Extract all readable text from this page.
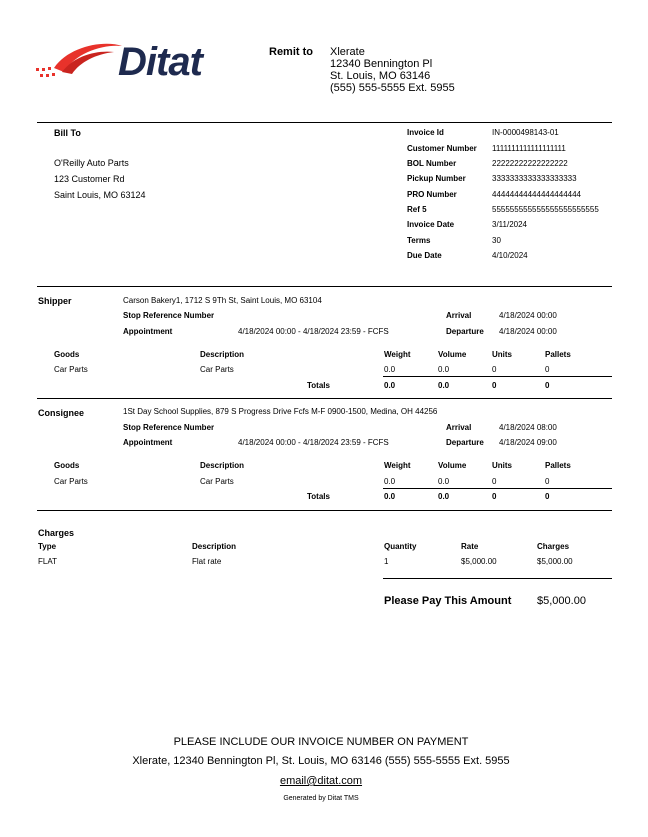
Ditat	Remit to Xlerate
12340 Bennington Pl
St. Louis, MO 63146
(555) 555-5555 Ext. 5955
Bill To
O'Reilly Auto Parts
123 Customer Rd
Saint Louis, MO 63124
Invoice Id	IN-0000498143-01
Customer Number 1111111111111111111
BOL Number	22222222222222222
Pickup Number	3333333333333333333
PRO Number	44444444444444444444
Ref 5	555555555555555555555555
Invoice Date	3/11/2024
Terms	30
Due Date	4/10/2024
Shipper	Carson Bakery1, 1712 S 9Th St, Saint Louis, MO 63104
Stop Reference Number	Arrival	4/18/2024 00:00
Appointment	4/18/2024 00:00 - 4/18/2024 23:59 - FCFS	Departure 4/18/2024 00:00
Goods	Description	Weight	Volume	Units	Pallets
Car Parts	Car Parts	0.0	0.0	0	0
Totals	0.0	0.0	0	0
Consignee	1St Day School Supplies, 879 S Progress Drive Fcfs M-F 0900-1500, Medina, OH 44256
Stop Reference Number	Arrival	4/18/2024 08:00
Appointment	4/18/2024 00:00 - 4/18/2024 23:59 - FCFS	Departure 4/18/2024 09:00
Goods	Description	Weight	Volume	Units	Pallets
Car Parts	Car Parts	0.0	0.0	0	0
Totals	0.0	0.0	0	0
Charges
Type	Description	Quantity	Rate	Charges
FLAT	Flat rate	1	$5,000.00	$5,000.00
Please Pay This Amount $5,000.00
PLEASE INCLUDE OUR INVOICE NUMBER ON PAYMENT
Xlerate, 12340 Bennington Pl, St. Louis, MO 63146 (555) 555-5555 Ext. 5955
email@ditat.com
Generated by Ditat TMS
